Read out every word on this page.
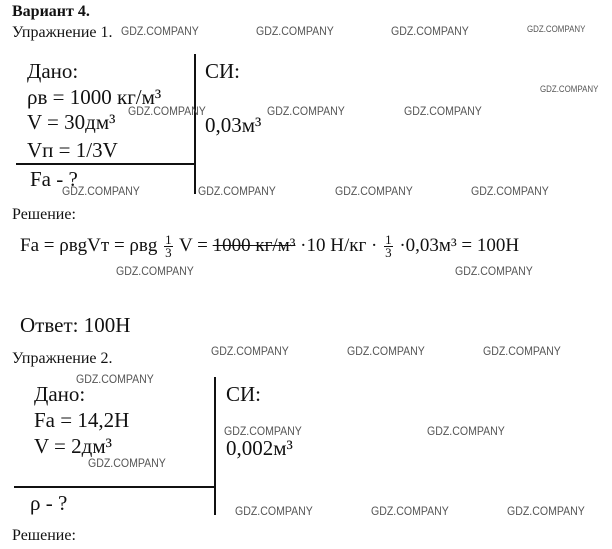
Вариант 4.
Упражнение 1.
Дано:
ρв = 1000 кг/м³
V = 30дм³
Vп = 1/3V
Fа - ?
СИ:
0,03м³
Решение:
Fа = ρвgVт = ρвg $\frac{1}{3}$ V = 1000 кг/м³ ·10 $Н/кг \cdot \frac{1}{3} \cdot 0,03м^3 = 100Н$
Ответ: 100Н
Упражнение 2.
Дано:
Fа = 14,2Н
V = 2дм³
ρ - ?
СИ:
0,002м³
Решение:
GDZ.COMPANY	GDZ.COMPANY	GDZ.COMPANY	GDZ.COMPANY
GDZ.COMPANY
GDZ.COMPANY	GDZ.COMPANY	GDZ.COMPANY
GDZ.COMPANY	GDZ.COMPANY	GDZ.COMPANY	GDZ.COMPANY
GDZ.COMPANY	GDZ.COMPANY
GDZ.COMPANY	GDZ.COMPANY	GDZ.COMPANY
GDZ.COMPANY
GDZ.COMPANY	GDZ.COMPANY
GDZ.COMPANY
GDZ.COMPANY	GDZ.COMPANY	GDZ.COMPANY
